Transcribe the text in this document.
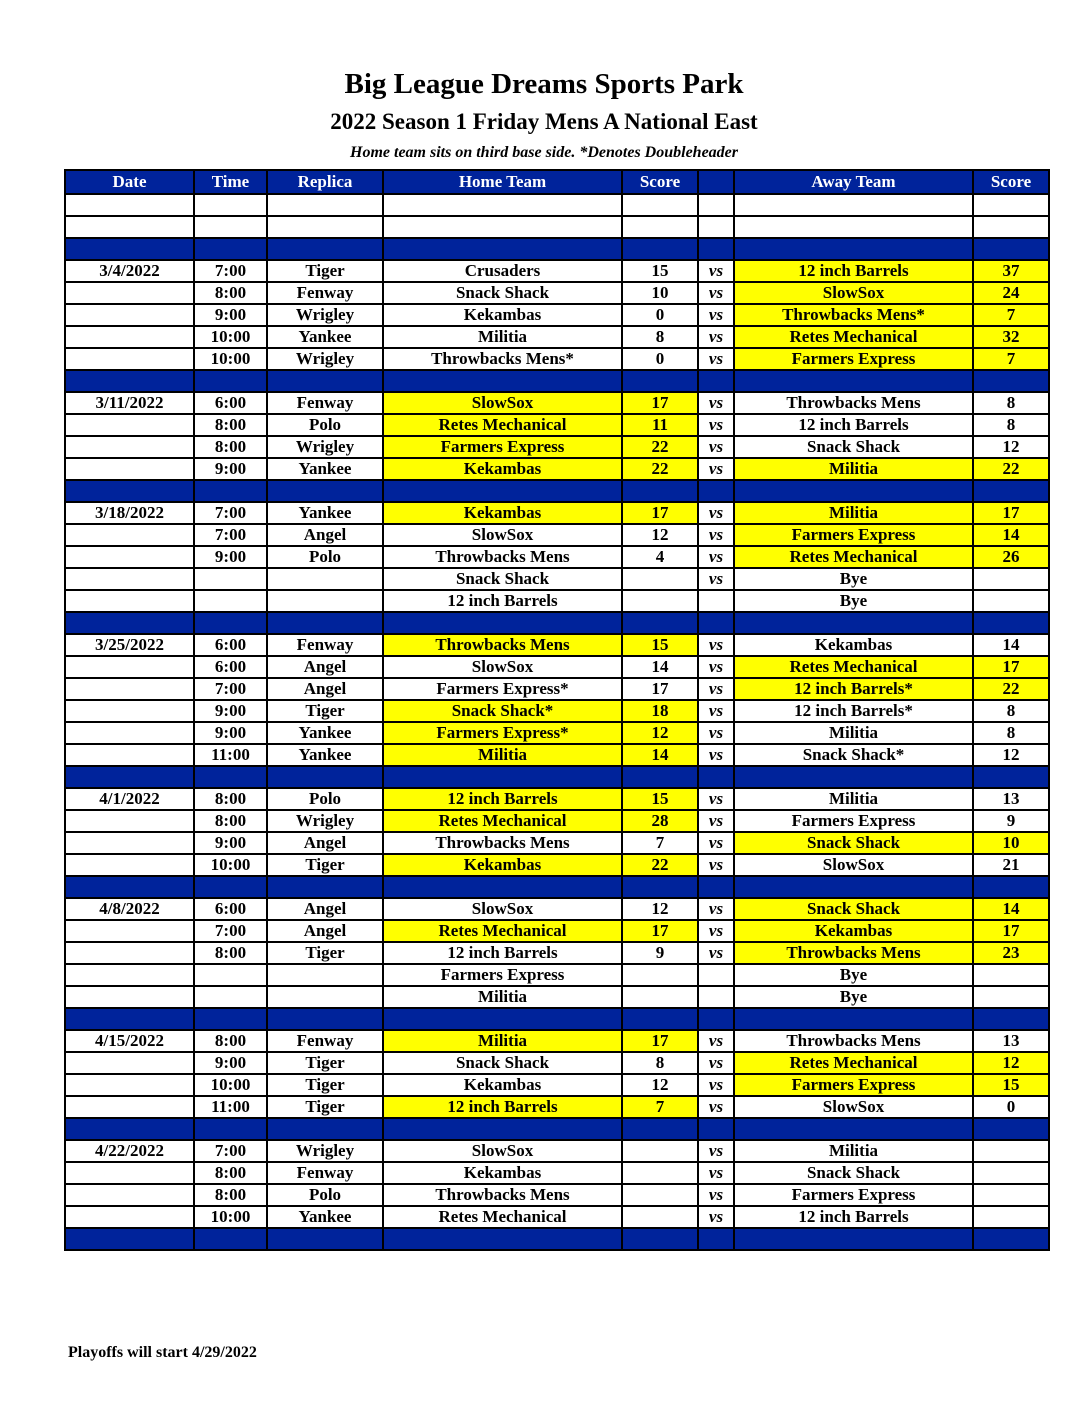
Big League Dreams Sports Park
2022 Season 1 Friday Mens A National East
Home team sits on third base side. *Denotes Doubleheader
Date	Time	Replica	Home Team	Score		Away Team	Score

3/4/2022	7:00	Tiger	Crusaders	15	vs	12 inch Barrels	37
	8:00	Fenway	Snack Shack	10	vs	SlowSox	24
	9:00	Wrigley	Kekambas	0	vs	Throwbacks Mens*	7
	10:00	Yankee	Militia	8	vs	Retes Mechanical	32
	10:00	Wrigley	Throwbacks Mens*	0	vs	Farmers Express	7

3/11/2022	6:00	Fenway	SlowSox	17	vs	Throwbacks Mens	8
	8:00	Polo	Retes Mechanical	11	vs	12 inch Barrels	8
	8:00	Wrigley	Farmers Express	22	vs	Snack Shack	12
	9:00	Yankee	Kekambas	22	vs	Militia	22

3/18/2022	7:00	Yankee	Kekambas	17	vs	Militia	17
	7:00	Angel	SlowSox	12	vs	Farmers Express	14
	9:00	Polo	Throwbacks Mens	4	vs	Retes Mechanical	26
			Snack Shack		vs	Bye	
			12 inch Barrels			Bye	

3/25/2022	6:00	Fenway	Throwbacks Mens	15	vs	Kekambas	14
	6:00	Angel	SlowSox	14	vs	Retes Mechanical	17
	7:00	Angel	Farmers Express*	17	vs	12 inch Barrels*	22
	9:00	Tiger	Snack Shack*	18	vs	12 inch Barrels*	8
	9:00	Yankee	Farmers Express*	12	vs	Militia	8
	11:00	Yankee	Militia	14	vs	Snack Shack*	12

4/1/2022	8:00	Polo	12 inch Barrels	15	vs	Militia	13
	8:00	Wrigley	Retes Mechanical	28	vs	Farmers Express	9
	9:00	Angel	Throwbacks Mens	7	vs	Snack Shack	10
	10:00	Tiger	Kekambas	22	vs	SlowSox	21

4/8/2022	6:00	Angel	SlowSox	12	vs	Snack Shack	14
	7:00	Angel	Retes Mechanical	17	vs	Kekambas	17
	8:00	Tiger	12 inch Barrels	9	vs	Throwbacks Mens	23
			Farmers Express			Bye	
			Militia			Bye	

4/15/2022	8:00	Fenway	Militia	17	vs	Throwbacks Mens	13
	9:00	Tiger	Snack Shack	8	vs	Retes Mechanical	12
	10:00	Tiger	Kekambas	12	vs	Farmers Express	15
	11:00	Tiger	12 inch Barrels	7	vs	SlowSox	0

4/22/2022	7:00	Wrigley	SlowSox		vs	Militia	
	8:00	Fenway	Kekambas		vs	Snack Shack	
	8:00	Polo	Throwbacks Mens		vs	Farmers Express	
	10:00	Yankee	Retes Mechanical		vs	12 inch Barrels	

Playoffs will start 4/29/2022
